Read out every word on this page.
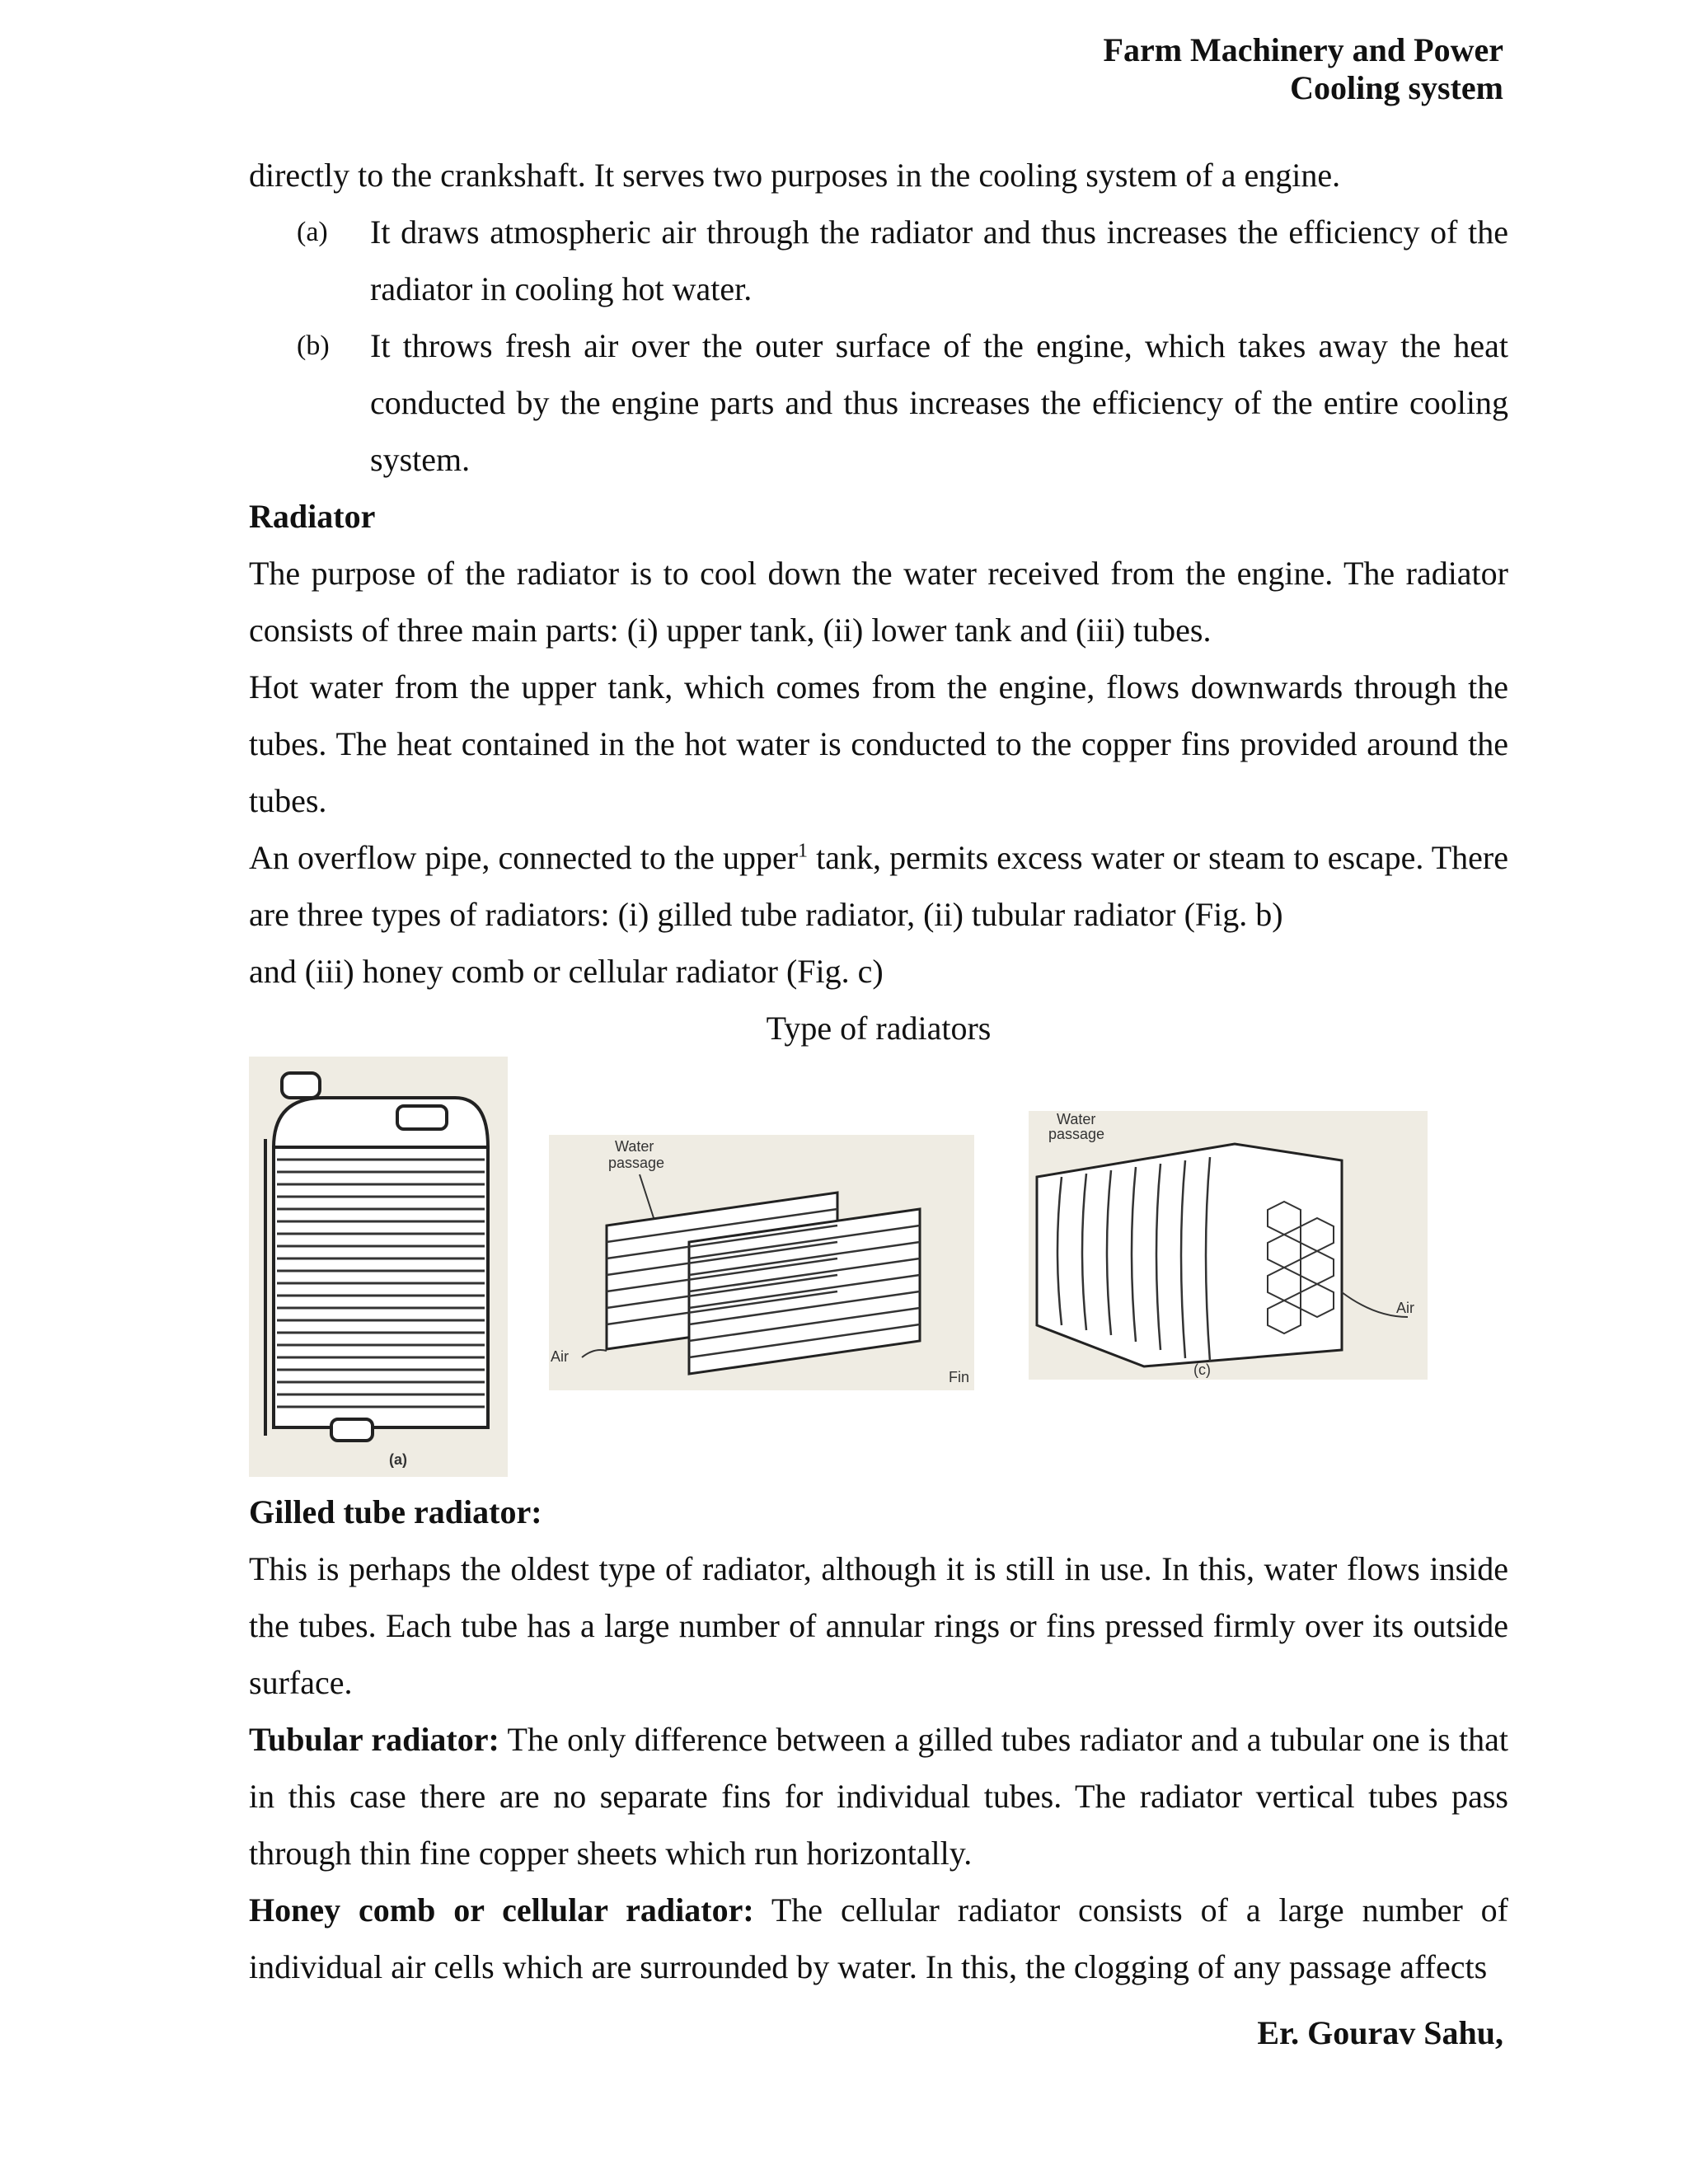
Farm Machinery and Power
Cooling system

directly to the crankshaft. It serves two purposes in the cooling system of a engine.

(a) It draws atmospheric air through the radiator and thus increases the efficiency of the radiator in cooling hot water.
(b) It throws fresh air over the outer surface of the engine, which takes away the heat conducted by the engine parts and thus increases the efficiency of the entire cooling system.

Radiator

The purpose of the radiator is to cool down the water received from the engine. The radiator consists of three main parts: (i) upper tank, (ii) lower tank and (iii) tubes.

Hot water from the upper tank, which comes from the engine, flows downwards through the tubes. The heat contained in the hot water is conducted to the copper fins provided around the tubes.

An overflow pipe, connected to the upper$^1$ tank, permits excess water or steam to escape. There are three types of radiators: (i) gilled tube radiator, (ii) tubular radiator (Fig. b)

and (iii) honey comb or cellular radiator (Fig. c)

Type of radiators

(a)
Water
passage
Air
Fin
Water
passage
Air
(c)

Gilled tube radiator:

This is perhaps the oldest type of radiator, although it is still in use. In this, water flows inside the tubes. Each tube has a large number of annular rings or fins pressed firmly over its outside surface.

Tubular radiator: The only difference between a gilled tubes radiator and a tubular one is that in this case there are no separate fins for individual tubes. The radiator vertical tubes pass through thin fine copper sheets which run horizontally.

Honey comb or cellular radiator: The cellular radiator consists of a large number of individual air cells which are surrounded by water. In this, the clogging of any passage affects

Er. Gourav Sahu,
